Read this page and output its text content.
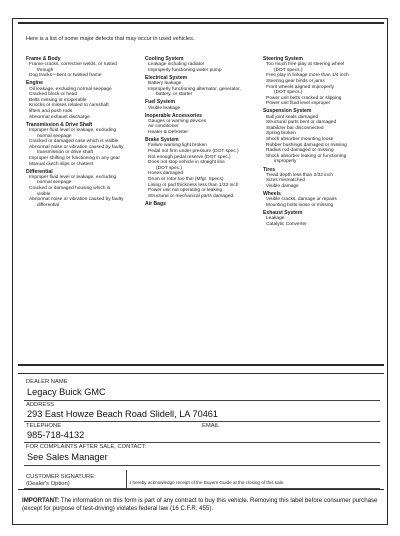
Here is a list of some major defects that may occur in used vehicles.
Frame & Body
Frame-cracks, corrective welds, or rusted
through
Dog tracks—bent or twisted frame
Engine
Oil leakage, excluding normal seepage
Cracked block or head
Belts missing or inoperable
Knocks or misses related to camshaft
lifters and push rods
Abnormal exhaust discharge
Transmission & Drive Shaft
Improper fluid level or leakage, excluding
normal seepage
Cracked or damaged case which is visible
Abnormal noise or vibration caused by faulty
transmission or drive shaft
Improper shifting or functioning in any gear
Manual clutch slips or chatters
Differential
Improper fluid level or leakage, excluding
normal seepage
Cracked or damaged housing which is
visible
Abnormal noise or vibration caused by faulty
differential
Cooling System
Leakage including radiator
Improperly functioning water pump
Electrical System
Battery leakage
Improperly functioning alternator, generator,
battery, or starter
Fuel System
Visible leakage
Inoperable Accessories
Gauges or warning devices
Air conditioner
Heater & Defroster
Brake System
Failure warning light broken
Pedal not firm under pressure (DOT spec.)
Not enough pedal reserve (DOT spec.)
Does not stop vehicle in straight line
(DOT spec.)
Hoses damaged
Drum or rotor too thin (Mfgr. Specs)
Lining or pad thickness less than 1/32 inch
Power unit not operating or leaking
Structural or mechanical parts damaged
Air Bags
Steering System
Too much free play at steering wheel
(DOT specs.)
Free play in linkage more than 1/4 inch
Steering gear binds or jams
Front wheels aligned improperly
(DOT specs.)
Power unit belts cracked or slipping
Power unit fluid level improper
Suspension System
Ball joint seals damaged
Structural parts bent or damaged
Stabilizer bar disconnected
Spring broken
Shock absorber mounting loose
Rubber bushings damaged or missing
Radius rod damaged or missing
Shock absorber leaking or functioning
improperly
Tires
Tread depth less than 2/32 inch
Sizes mismatched
Visible damage
Wheels
Visible cracks, damage or repairs
Mounting bolts loose or missing
Exhaust System
Leakage
Catalytic Converter
DEALER NAME
Legacy Buick GMC
ADDRESS
293 East Howze Beach Road Slidell, LA 70461
TELEPHONE	EMAIL
985-718-4132
FOR COMPLAINTS AFTER SALE, CONTACT:
See Sales Manager
CUSTOMER SIGNATURE:
(Dealer's Option)	I hereby acknowledge receipt of the Buyers Guide at the closing of this sale.
IMPORTANT: The information on this form is part of any contract to buy this vehicle. Removing this label before consumer purchase (except for purpose of test-driving) violates federal law (16 C.F.R. 455).
